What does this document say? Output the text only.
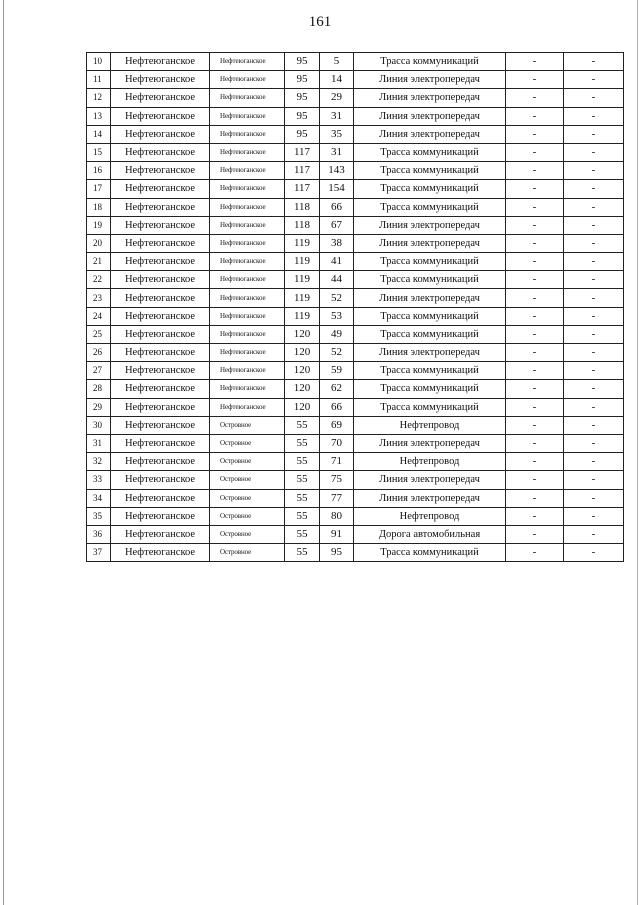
161
10	Нефтеюганское	Нефтеюганское	95	5	Трасса коммуникаций	-	-
11	Нефтеюганское	Нефтеюганское	95	14	Линия электропередач	-	-
12	Нефтеюганское	Нефтеюганское	95	29	Линия электропередач	-	-
13	Нефтеюганское	Нефтеюганское	95	31	Линия электропередач	-	-
14	Нефтеюганское	Нефтеюганское	95	35	Линия электропередач	-	-
15	Нефтеюганское	Нефтеюганское	117	31	Трасса коммуникаций	-	-
16	Нефтеюганское	Нефтеюганское	117	143	Трасса коммуникаций	-	-
17	Нефтеюганское	Нефтеюганское	117	154	Трасса коммуникаций	-	-
18	Нефтеюганское	Нефтеюганское	118	66	Трасса коммуникаций	-	-
19	Нефтеюганское	Нефтеюганское	118	67	Линия электропередач	-	-
20	Нефтеюганское	Нефтеюганское	119	38	Линия электропередач	-	-
21	Нефтеюганское	Нефтеюганское	119	41	Трасса коммуникаций	-	-
22	Нефтеюганское	Нефтеюганское	119	44	Трасса коммуникаций	-	-
23	Нефтеюганское	Нефтеюганское	119	52	Линия электропередач	-	-
24	Нефтеюганское	Нефтеюганское	119	53	Трасса коммуникаций	-	-
25	Нефтеюганское	Нефтеюганское	120	49	Трасса коммуникаций	-	-
26	Нефтеюганское	Нефтеюганское	120	52	Линия электропередач	-	-
27	Нефтеюганское	Нефтеюганское	120	59	Трасса коммуникаций	-	-
28	Нефтеюганское	Нефтеюганское	120	62	Трасса коммуникаций	-	-
29	Нефтеюганское	Нефтеюганское	120	66	Трасса коммуникаций	-	-
30	Нефтеюганское	Островное	55	69	Нефтепровод	-	-
31	Нефтеюганское	Островное	55	70	Линия электропередач	-	-
32	Нефтеюганское	Островное	55	71	Нефтепровод	-	-
33	Нефтеюганское	Островное	55	75	Линия электропередач	-	-
34	Нефтеюганское	Островное	55	77	Линия электропередач	-	-
35	Нефтеюганское	Островное	55	80	Нефтепровод	-	-
36	Нефтеюганское	Островное	55	91	Дорога автомобильная	-	-
37	Нефтеюганское	Островное	55	95	Трасса коммуникаций	-	-
